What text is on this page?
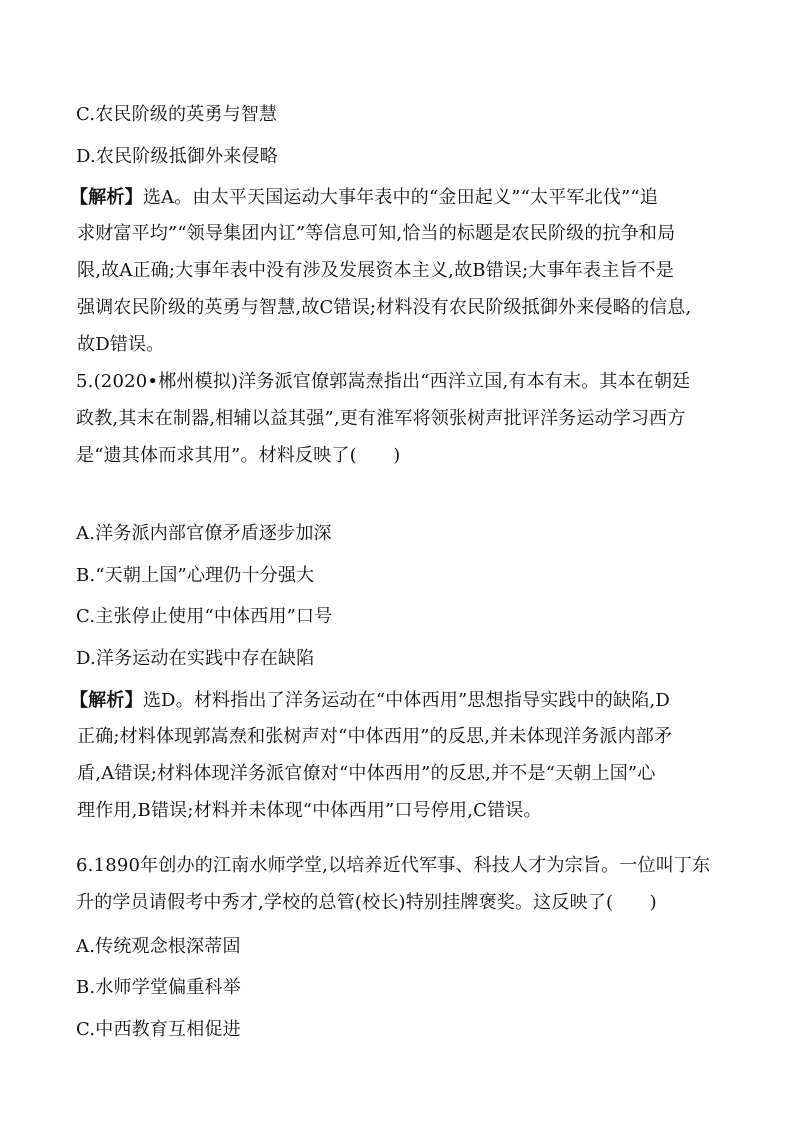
C.农民阶级的英勇与智慧
D.农民阶级抵御外来侵略
【解析】选A。由太平天国运动大事年表中的“金田起义”“太平军北伐”“追
求财富平均”“领导集团内讧”等信息可知,恰当的标题是农民阶级的抗争和局
限,故A正确;大事年表中没有涉及发展资本主义,故B错误;大事年表主旨不是
强调农民阶级的英勇与智慧,故C错误;材料没有农民阶级抵御外来侵略的信息,
故D错误。
5.(2020•郴州模拟)洋务派官僚郭嵩焘指出“西洋立国,有本有末。其本在朝廷
政教,其末在制器,相辅以益其强”,更有淮军将领张树声批评洋务运动学习西方
是“遗其体而求其用”。材料反映了(　　)
A.洋务派内部官僚矛盾逐步加深
B.“天朝上国”心理仍十分强大
C.主张停止使用“中体西用”口号
D.洋务运动在实践中存在缺陷
【解析】选D。材料指出了洋务运动在“中体西用”思想指导实践中的缺陷,D
正确;材料体现郭嵩焘和张树声对“中体西用”的反思,并未体现洋务派内部矛
盾,A错误;材料体现洋务派官僚对“中体西用”的反思,并不是“天朝上国”心
理作用,B错误;材料并未体现“中体西用”口号停用,C错误。
6.1890年创办的江南水师学堂,以培养近代军事、科技人才为宗旨。一位叫丁东
升的学员请假考中秀才,学校的总管(校长)特别挂牌褒奖。这反映了(　　)
A.传统观念根深蒂固
B.水师学堂偏重科举
C.中西教育互相促进
